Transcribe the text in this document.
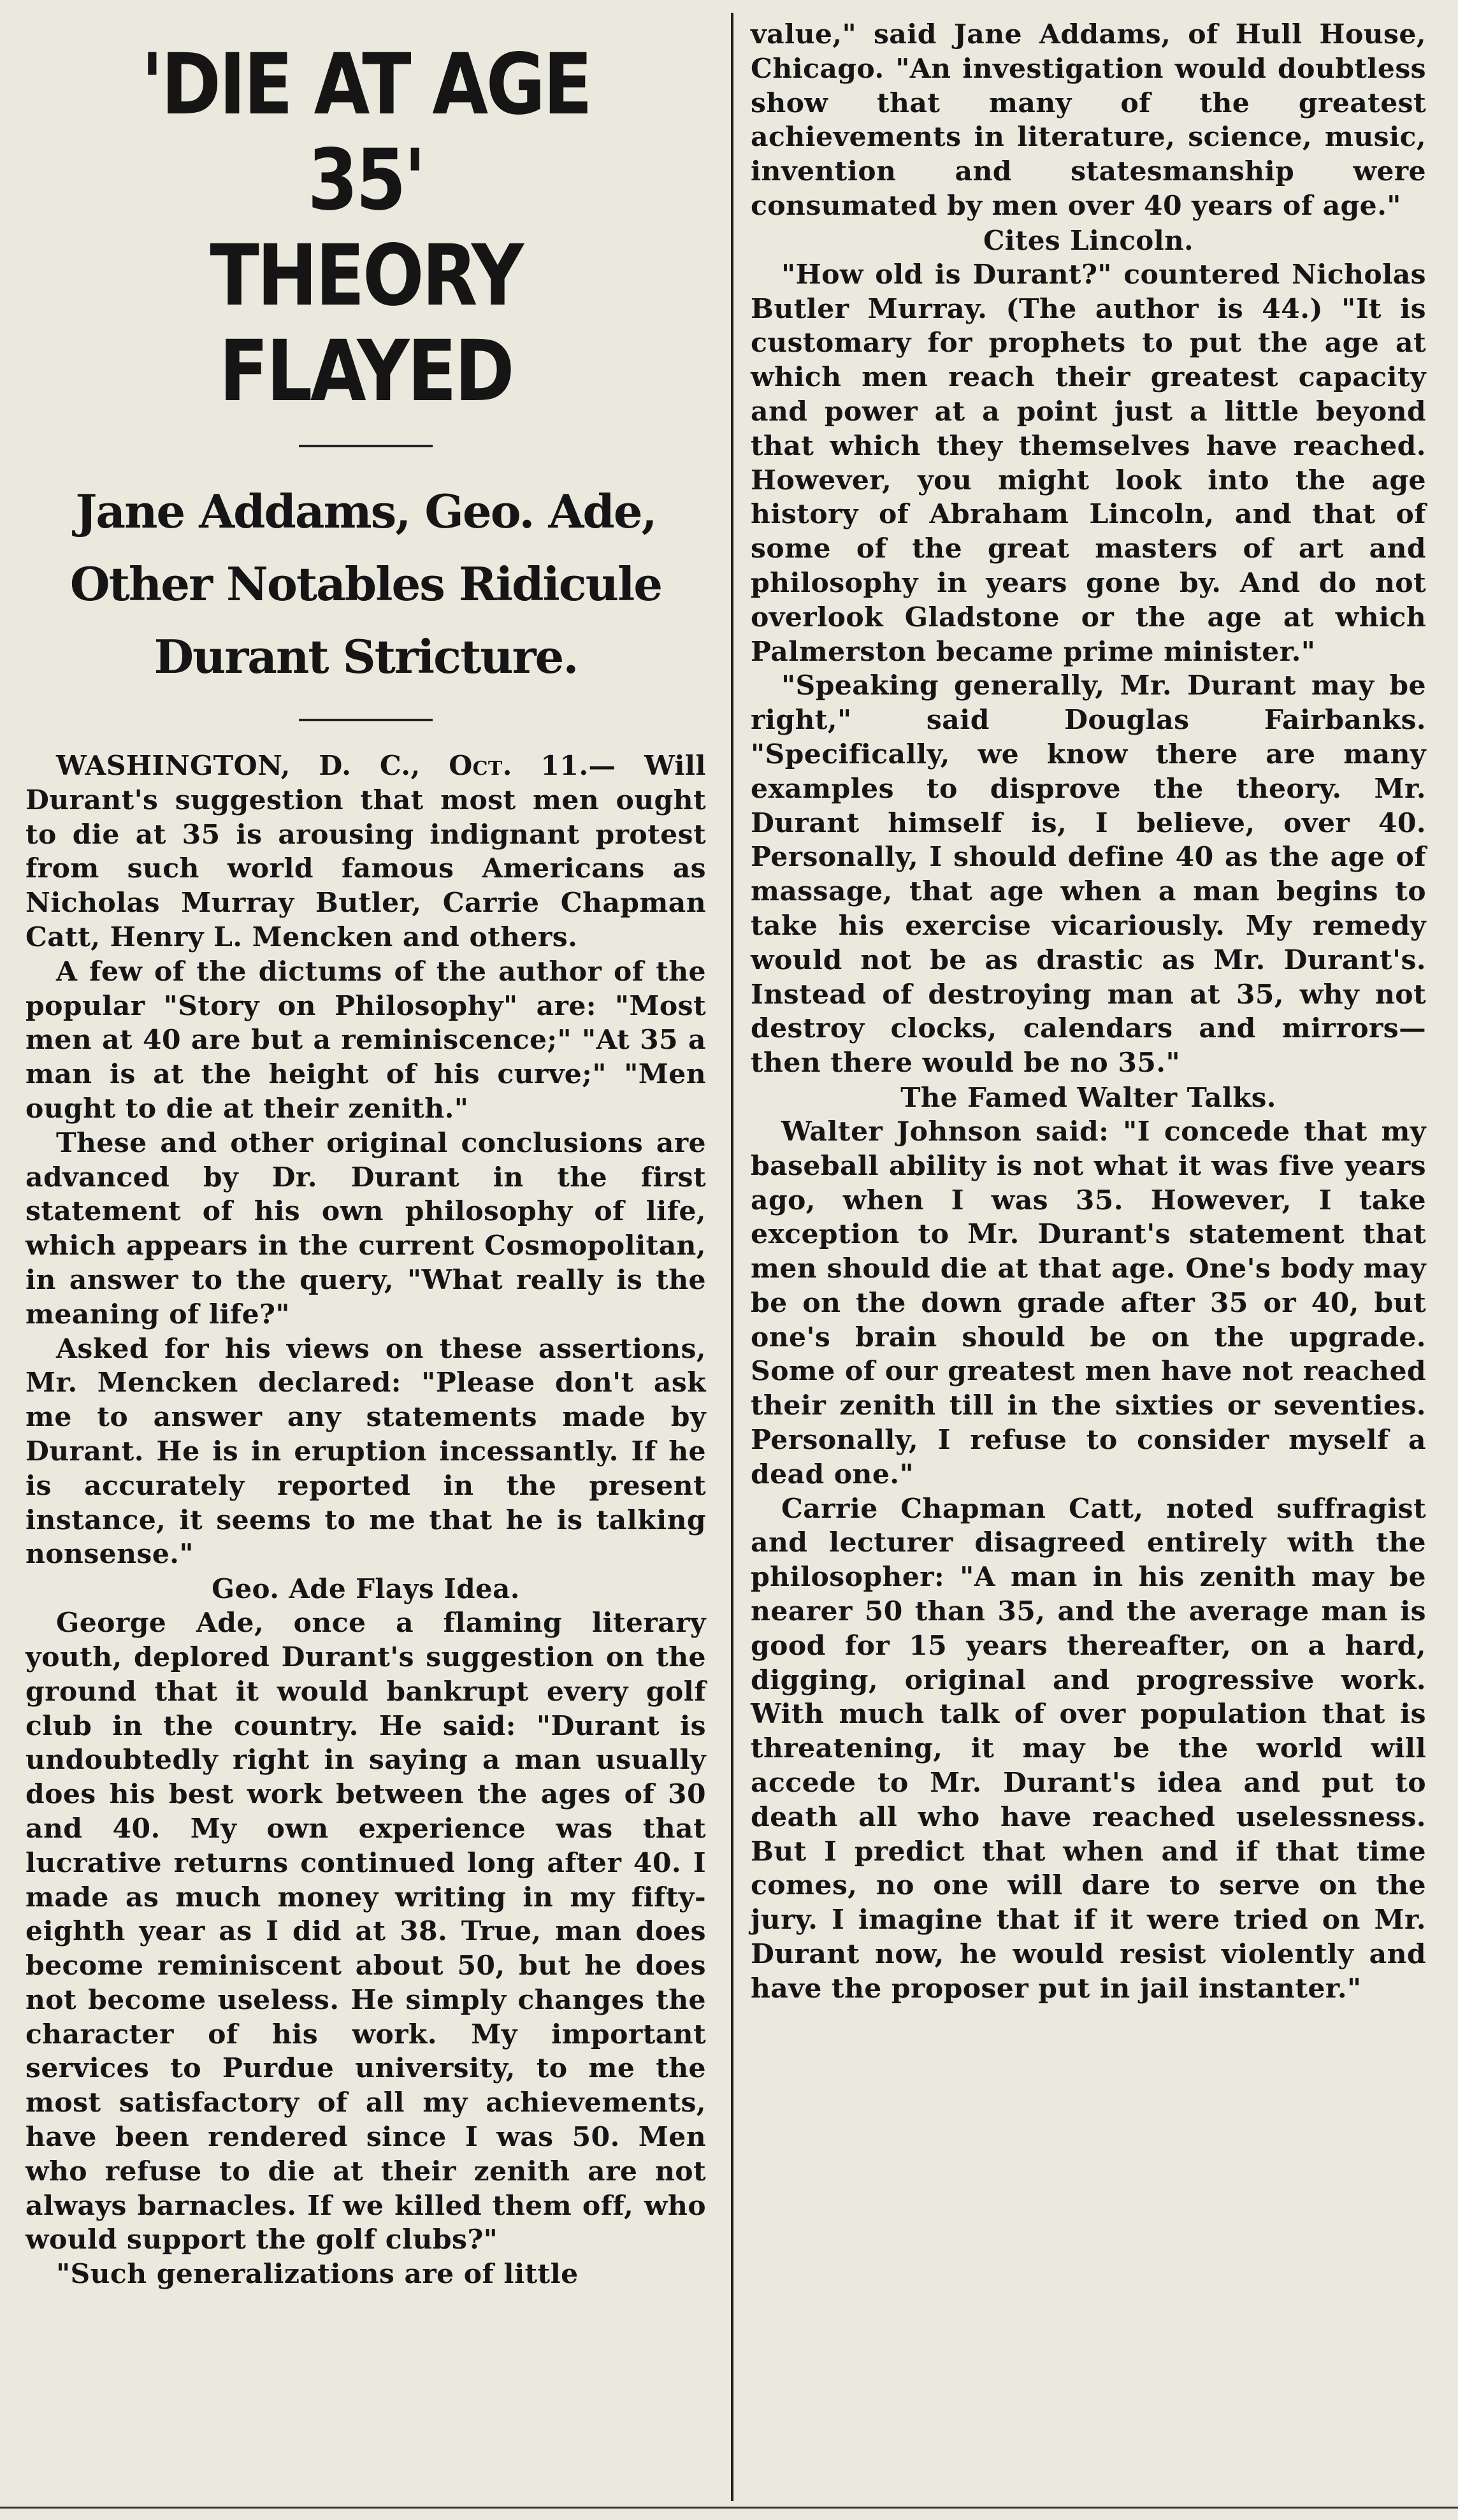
'DIE AT AGE 35'
THEORY FLAYED
Jane Addams, Geo. Ade,
Other Notables Ridicule
Durant Stricture.

WASHINGTON, D. C., Oct. 11.— Will Durant's suggestion that most men ought to die at 35 is arousing indignant protest from such world famous Americans as Nicholas Murray Butler, Carrie Chapman Catt, Henry L. Mencken and others.

A few of the dictums of the author of the popular "Story on Philosophy" are: "Most men at 40 are but a reminiscence;" "At 35 a man is at the height of his curve;" "Men ought to die at their zenith."

These and other original conclusions are advanced by Dr. Durant in the first statement of his own philosophy of life, which appears in the current Cosmopolitan, in answer to the query, "What really is the meaning of life?"

Asked for his views on these assertions, Mr. Mencken declared: "Please don't ask me to answer any statements made by Durant. He is in eruption incessantly. If he is accurately reported in the present instance, it seems to me that he is talking nonsense."

Geo. Ade Flays Idea.

George Ade, once a flaming literary youth, deplored Durant's suggestion on the ground that it would bankrupt every golf club in the country. He said: "Durant is undoubtedly right in saying a man usually does his best work between the ages of 30 and 40. My own experience was that lucrative returns continued long after 40. I made as much money writing in my fifty-eighth year as I did at 38. True, man does become reminiscent about 50, but he does not become useless. He simply changes the character of his work. My important services to Purdue university, to me the most satisfactory of all my achievements, have been rendered since I was 50. Men who refuse to die at their zenith are not always barnacles. If we killed them off, who would support the golf clubs?"

"Such generalizations are of little

value," said Jane Addams, of Hull House, Chicago. "An investigation would doubtless show that many of the greatest achievements in literature, science, music, invention and statesmanship were consumated by men over 40 years of age."

Cites Lincoln.

"How old is Durant?" countered Nicholas Butler Murray. (The author is 44.) "It is customary for prophets to put the age at which men reach their greatest capacity and power at a point just a little beyond that which they themselves have reached. However, you might look into the age history of Abraham Lincoln, and that of some of the great masters of art and philosophy in years gone by. And do not overlook Gladstone or the age at which Palmerston became prime minister."

"Speaking generally, Mr. Durant may be right," said Douglas Fairbanks. "Specifically, we know there are many examples to disprove the theory. Mr. Durant himself is, I believe, over 40. Personally, I should define 40 as the age of massage, that age when a man begins to take his exercise vicariously. My remedy would not be as drastic as Mr. Durant's. Instead of destroying man at 35, why not destroy clocks, calendars and mirrors—then there would be no 35."

The Famed Walter Talks.

Walter Johnson said: "I concede that my baseball ability is not what it was five years ago, when I was 35. However, I take exception to Mr. Durant's statement that men should die at that age. One's body may be on the down grade after 35 or 40, but one's brain should be on the upgrade. Some of our greatest men have not reached their zenith till in the sixties or seventies. Personally, I refuse to consider myself a dead one."

Carrie Chapman Catt, noted suffragist and lecturer disagreed entirely with the philosopher: "A man in his zenith may be nearer 50 than 35, and the average man is good for 15 years thereafter, on a hard, digging, original and progressive work. With much talk of over population that is threatening, it may be the world will accede to Mr. Durant's idea and put to death all who have reached uselessness. But I predict that when and if that time comes, no one will dare to serve on the jury. I imagine that if it were tried on Mr. Durant now, he would resist violently and have the proposer put in jail instanter."
